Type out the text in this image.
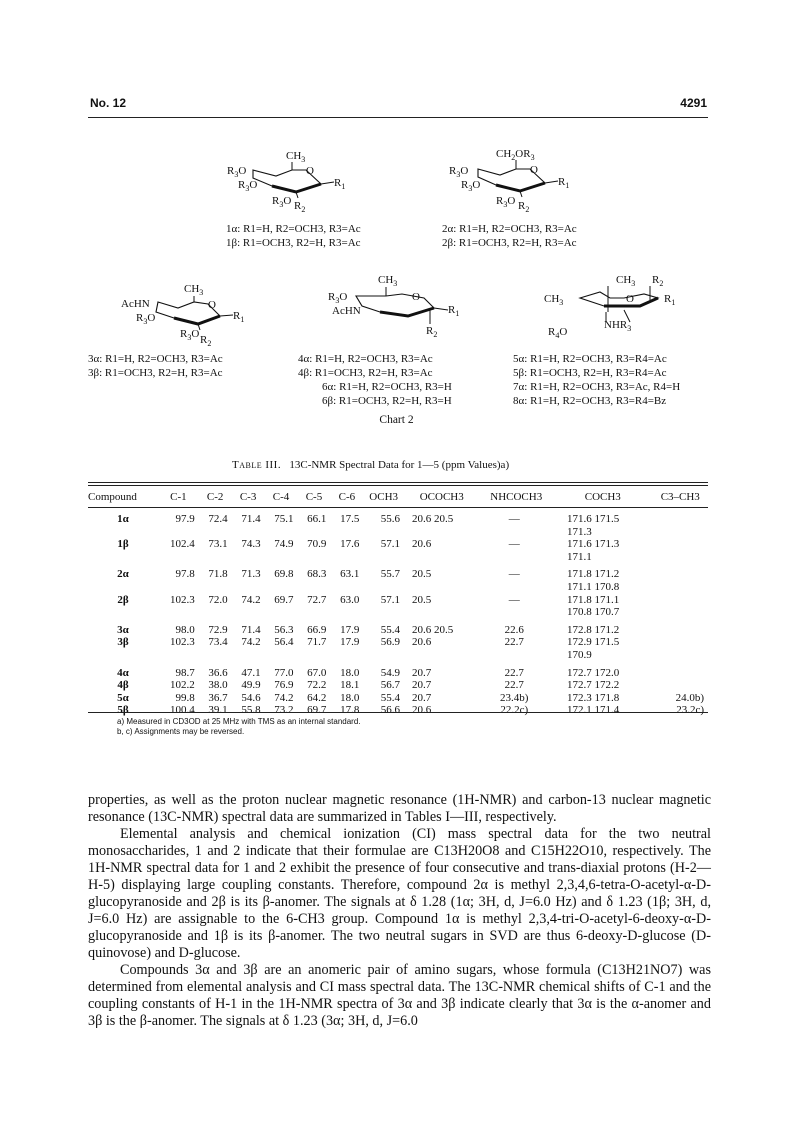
No. 12	4291
$CH_3$
O
$R_3O$
$R_3O$
$R_3O$
$R_1$
$R_2$
1α: R1=H, R2=OCH3, R3=Ac
1β: R1=OCH3, R2=H, R3=Ac
$CH_2OR_3$
O
$R_3O$
$R_3O$
$R_3O$
$R_1$
$R_2$
2α: R1=H, R2=OCH3, R3=Ac
2β: R1=OCH3, R2=H, R3=Ac
$CH_3$
O
AcHN
$R_3O$
$R_3O$
$R_1$
$R_2$
3α: R1=H, R2=OCH3, R3=Ac
3β: R1=OCH3, R2=H, R3=Ac
$CH_3$
O
$R_3O$
AcHN	$R_1$
$R_2$
4α: R1=H, R2=OCH3, R3=Ac
4β: R1=OCH3, R2=H, R3=Ac
6α: R1=H, R2=OCH3, R3=H
6β: R1=OCH3, R2=H, R3=H
$CH_3$ $R_2$
$CH_3$	O	$R_1$
$R_4O$
$NHR_3$
5α: R1=H, R2=OCH3, R3=R4=Ac
5β: R1=OCH3, R2=H, R3=R4=Ac
7α: R1=H, R2=OCH3, R3=Ac, R4=H
8α: R1=H, R2=OCH3, R3=R4=Bz
Chart 2
Table III. 13C-NMR Spectral Data for 1—5 (ppm Values)a)
Compound	C-1	C-2	C-3	C-4	C-5	C-6	OCH3	OCOCH3	NHCOCH3	COCH3	C3–CH3
1α	97.9	72.4	71.4	75.1	66.1	17.5	55.6	20.6 20.5	—	171.6 171.5
171.3	

1β	102.4	73.1	74.3	74.9	70.9	17.6	57.1	20.6	—	171.6 171.3
171.1	

2α	97.8	71.8	71.3	69.8	68.3	63.1	55.7	20.5	—	171.8 171.2
171.1 170.8	

2β	102.3	72.0	74.2	69.7	72.7	63.0	57.1	20.5	—	171.8 171.1
170.8 170.7	

3α	98.0	72.9	71.4	56.3	66.9	17.9	55.4	20.6 20.5	22.6	172.8 171.2	

3β	102.3	73.4	74.2	56.4	71.7	17.9	56.9	20.6	22.7	172.9 171.5
170.9	

4α	98.7	36.6	47.1	77.0	67.0	18.0	54.9	20.7	22.7	172.7 172.0	

4β	102.2	38.0	49.9	76.9	72.2	18.1	56.7	20.7	22.7	172.7 172.2	

5α	99.8	36.7	54.6	74.2	64.2	18.0	55.4	20.7	23.4b)	172.3 171.8	24.0b)
5β	100.4	39.1	55.8	73.2	69.7	17.8	56.6	20.6	22.2c)	172.1 171.4	23.2c)
a) Measured in CD3OD at 25 MHz with TMS as an internal standard.
b, c) Assignments may be reversed.

properties, as well as the proton nuclear magnetic resonance (1H-NMR) and carbon-13 nuclear magnetic resonance (13C-NMR) spectral data are summarized in Tables I—III, respectively.

Elemental analysis and chemical ionization (CI) mass spectral data for the two neutral monosaccharides, 1 and 2 indicate that their formulae are C13H20O8 and C15H22O10, respectively. The 1H-NMR spectral data for 1 and 2 exhibit the presence of four consecutive and trans-diaxial protons (H-2—H-5) displaying large coupling constants. Therefore, compound 2α is methyl 2,3,4,6-tetra-O-acetyl-α-D-glucopyranoside and 2β is its β-anomer. The signals at δ 1.28 (1α; 3H, d, J=6.0 Hz) and δ 1.23 (1β; 3H, d, J=6.0 Hz) are assignable to the 6-CH3 group. Compound 1α is methyl 2,3,4-tri-O-acetyl-6-deoxy-α-D-glucopyranoside and 1β is its β-anomer. The two neutral sugars in SVD are thus 6-deoxy-D-glucose (D-quinovose) and D-glucose.

Compounds 3α and 3β are an anomeric pair of amino sugars, whose formula (C13H21NO7) was determined from elemental analysis and CI mass spectral data. The 13C-NMR chemical shifts of C-1 and the coupling constants of H-1 in the 1H-NMR spectra of 3α and 3β indicate clearly that 3α is the α-anomer and 3β is the β-anomer. The signals at δ 1.23 (3α; 3H, d, J=6.0
